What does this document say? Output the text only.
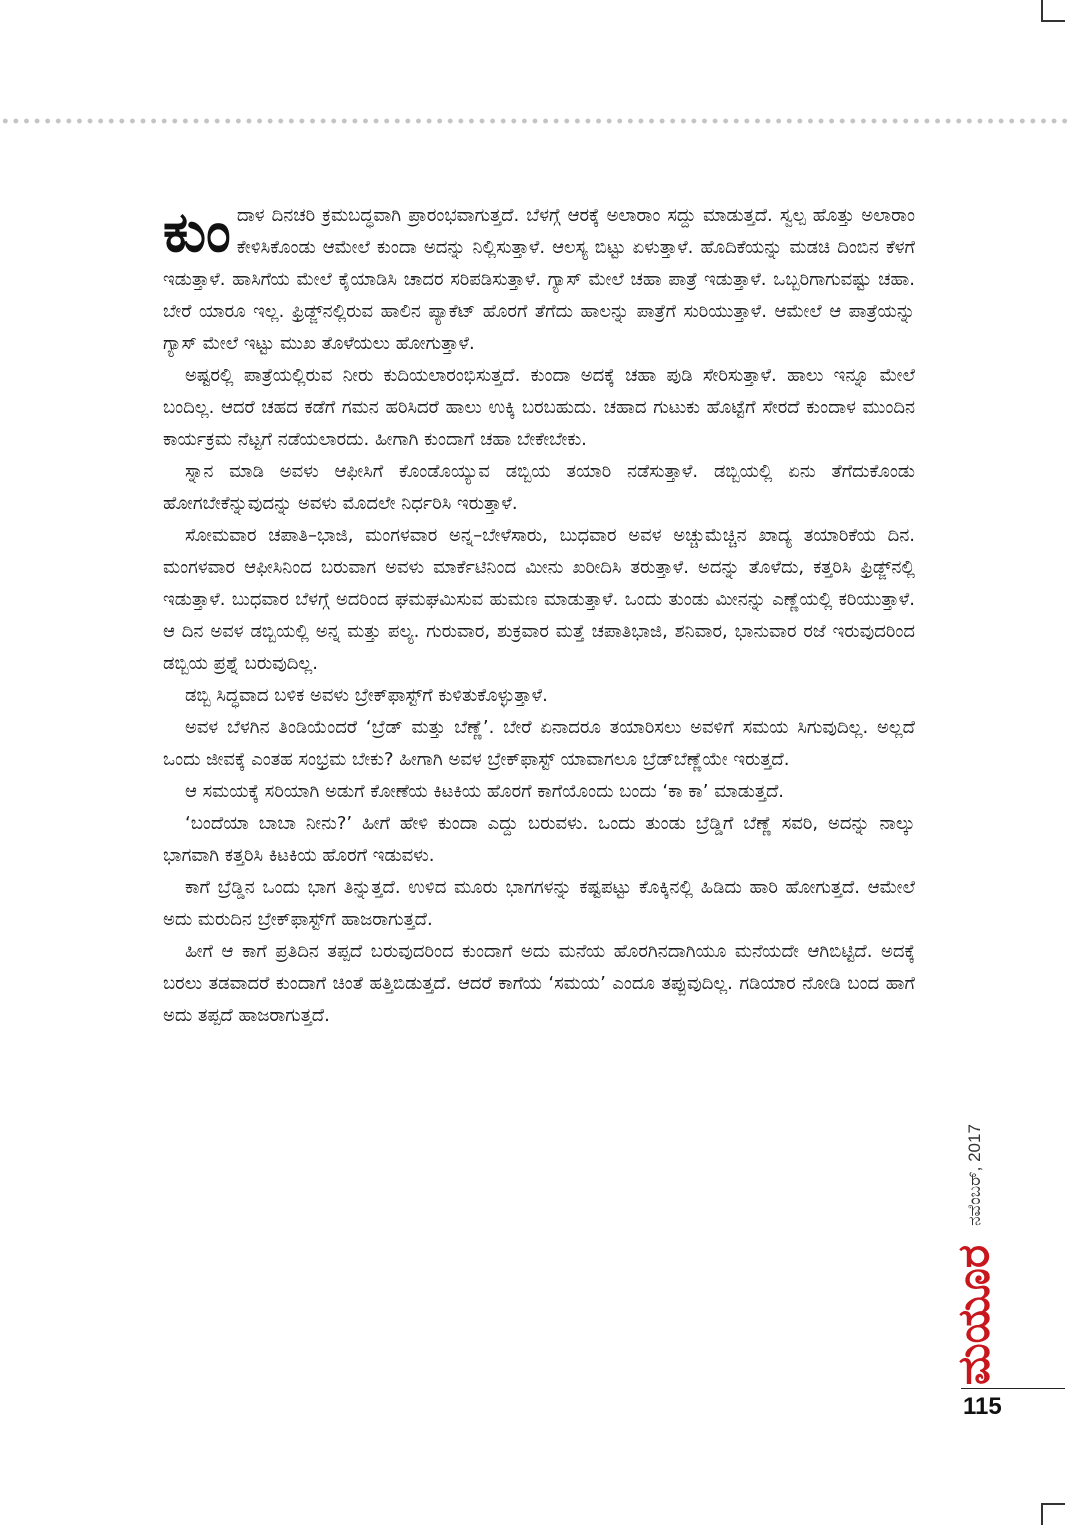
ಕುಂದಾಳ ದಿನಚರಿ ಕ್ರಮಬದ್ಧವಾಗಿ ಪ್ರಾರಂಭವಾಗುತ್ತದೆ. ಬೆಳಗ್ಗೆ ಆರಕ್ಕೆ ಅಲಾರಾಂ ಸದ್ದು ಮಾಡುತ್ತದೆ. ಸ್ವಲ್ಪ ಹೊತ್ತು ಅಲಾರಾಂ ಕೇಳಿಸಿಕೊಂಡು ಆಮೇಲೆ ಕುಂದಾ ಅದನ್ನು ನಿಲ್ಲಿಸುತ್ತಾಳೆ. ಆಲಸ್ಯ ಬಿಟ್ಟು ಏಳುತ್ತಾಳೆ. ಹೊದಿಕೆಯನ್ನು ಮಡಚಿ ದಿಂಬಿನ ಕೆಳಗೆ ಇಡುತ್ತಾಳೆ. ಹಾಸಿಗೆಯ ಮೇಲೆ ಕೈಯಾಡಿಸಿ ಚಾದರ ಸರಿಪಡಿಸುತ್ತಾಳೆ. ಗ್ಯಾಸ್ ಮೇಲೆ ಚಹಾ ಪಾತ್ರೆ ಇಡುತ್ತಾಳೆ. ಒಬ್ಬರಿಗಾಗುವಷ್ಟು ಚಹಾ. ಬೇರೆ ಯಾರೂ ಇಲ್ಲ. ಫ್ರಿಡ್ಜ್‌ನಲ್ಲಿರುವ ಹಾಲಿನ ಪ್ಯಾಕೆಟ್ ಹೊರಗೆ ತೆಗೆದು ಹಾಲನ್ನು ಪಾತ್ರೆಗೆ ಸುರಿಯುತ್ತಾಳೆ. ಆಮೇಲೆ ಆ ಪಾತ್ರೆಯನ್ನು ಗ್ಯಾಸ್ ಮೇಲೆ ಇಟ್ಟು ಮುಖ ತೊಳೆಯಲು ಹೋಗುತ್ತಾಳೆ.

ಅಷ್ಟರಲ್ಲಿ ಪಾತ್ರೆಯಲ್ಲಿರುವ ನೀರು ಕುದಿಯಲಾರಂಭಿಸುತ್ತದೆ. ಕುಂದಾ ಅದಕ್ಕೆ ಚಹಾ ಪುಡಿ ಸೇರಿಸುತ್ತಾಳೆ. ಹಾಲು ಇನ್ನೂ ಮೇಲೆ ಬಂದಿಲ್ಲ. ಆದರೆ ಚಹದ ಕಡೆಗೆ ಗಮನ ಹರಿಸಿದರೆ ಹಾಲು ಉಕ್ಕಿ ಬರಬಹುದು. ಚಹಾದ ಗುಟುಕು ಹೊಟ್ಟೆಗೆ ಸೇರದೆ ಕುಂದಾಳ ಮುಂದಿನ ಕಾರ್ಯಕ್ರಮ ನೆಟ್ಟಗೆ ನಡೆಯಲಾರದು. ಹೀಗಾಗಿ ಕುಂದಾಗೆ ಚಹಾ ಬೇಕೇಬೇಕು.

ಸ್ನಾನ ಮಾಡಿ ಅವಳು ಆಫೀಸಿಗೆ ಕೊಂಡೊಯ್ಯುವ ಡಬ್ಬಿಯ ತಯಾರಿ ನಡೆಸುತ್ತಾಳೆ. ಡಬ್ಬಿಯಲ್ಲಿ ಏನು ತೆಗೆದುಕೊಂಡು ಹೋಗಬೇಕೆನ್ನುವುದನ್ನು ಅವಳು ಮೊದಲೇ ನಿರ್ಧರಿಸಿ ಇರುತ್ತಾಳೆ.

ಸೋಮವಾರ ಚಪಾತಿ–ಭಾಜಿ, ಮಂಗಳವಾರ ಅನ್ನ–ಬೇಳೆಸಾರು, ಬುಧವಾರ ಅವಳ ಅಚ್ಚುಮೆಚ್ಚಿನ ಖಾದ್ಯ ತಯಾರಿಕೆಯ ದಿನ. ಮಂಗಳವಾರ ಆಫೀಸಿನಿಂದ ಬರುವಾಗ ಅವಳು ಮಾರ್ಕೆಟಿನಿಂದ ಮೀನು ಖರೀದಿಸಿ ತರುತ್ತಾಳೆ. ಅದನ್ನು ತೊಳೆದು, ಕತ್ತರಿಸಿ ಫ್ರಿಡ್ಜ್‌ನಲ್ಲಿ ಇಡುತ್ತಾಳೆ. ಬುಧವಾರ ಬೆಳಗ್ಗೆ ಅದರಿಂದ ಘಮಘಮಿಸುವ ಹುಮಣ ಮಾಡುತ್ತಾಳೆ. ಒಂದು ತುಂಡು ಮೀನನ್ನು ಎಣ್ಣೆಯಲ್ಲಿ ಕರಿಯುತ್ತಾಳೆ. ಆ ದಿನ ಅವಳ ಡಬ್ಬಿಯಲ್ಲಿ ಅನ್ನ ಮತ್ತು ಪಲ್ಯ. ಗುರುವಾರ, ಶುಕ್ರವಾರ ಮತ್ತೆ ಚಪಾತಿಭಾಜಿ, ಶನಿವಾರ, ಭಾನುವಾರ ರಜೆ ಇರುವುದರಿಂದ ಡಬ್ಬಿಯ ಪ್ರಶ್ನೆ ಬರುವುದಿಲ್ಲ.

ಡಬ್ಬಿ ಸಿದ್ಧವಾದ ಬಳಿಕ ಅವಳು ಬ್ರೇಕ್‌ಫಾಸ್ಟ್‌ಗೆ ಕುಳಿತುಕೊಳ್ಳುತ್ತಾಳೆ.

ಅವಳ ಬೆಳಗಿನ ತಿಂಡಿಯೆಂದರೆ ‘ಬ್ರೆಡ್ ಮತ್ತು ಬೆಣ್ಣೆ’. ಬೇರೆ ಏನಾದರೂ ತಯಾರಿಸಲು ಅವಳಿಗೆ ಸಮಯ ಸಿಗುವುದಿಲ್ಲ. ಅಲ್ಲದೆ ಒಂದು ಜೀವಕ್ಕೆ ಎಂತಹ ಸಂಭ್ರಮ ಬೇಕು? ಹೀಗಾಗಿ ಅವಳ ಬ್ರೇಕ್‌ಫಾಸ್ಟ್ ಯಾವಾಗಲೂ ಬ್ರೆಡ್‌ಬೆಣ್ಣೆಯೇ ಇರುತ್ತದೆ.

ಆ ಸಮಯಕ್ಕೆ ಸರಿಯಾಗಿ ಅಡುಗೆ ಕೋಣೆಯ ಕಿಟಕಿಯ ಹೊರಗೆ ಕಾಗೆಯೊಂದು ಬಂದು ‘ಕಾ ಕಾ’ ಮಾಡುತ್ತದೆ.

‘ಬಂದೆಯಾ ಬಾಬಾ ನೀನು?’ ಹೀಗೆ ಹೇಳಿ ಕುಂದಾ ಎದ್ದು ಬರುವಳು. ಒಂದು ತುಂಡು ಬ್ರೆಡ್ಡಿಗೆ ಬೆಣ್ಣೆ ಸವರಿ, ಅದನ್ನು ನಾಲ್ಕು ಭಾಗವಾಗಿ ಕತ್ತರಿಸಿ ಕಿಟಕಿಯ ಹೊರಗೆ ಇಡುವಳು.

ಕಾಗೆ ಬ್ರೆಡ್ಡಿನ ಒಂದು ಭಾಗ ತಿನ್ನುತ್ತದೆ. ಉಳಿದ ಮೂರು ಭಾಗಗಳನ್ನು ಕಷ್ಟಪಟ್ಟು ಕೊಕ್ಕಿನಲ್ಲಿ ಹಿಡಿದು ಹಾರಿ ಹೋಗುತ್ತದೆ. ಆಮೇಲೆ ಅದು ಮರುದಿನ ಬ್ರೇಕ್‌ಫಾಸ್ಟ್‌ಗೆ ಹಾಜರಾಗುತ್ತದೆ.

ಹೀಗೆ ಆ ಕಾಗೆ ಪ್ರತಿದಿನ ತಪ್ಪದೆ ಬರುವುದರಿಂದ ಕುಂದಾಗೆ ಅದು ಮನೆಯ ಹೊರಗಿನದಾಗಿಯೂ ಮನೆಯದೇ ಆಗಿಬಿಟ್ಟಿದೆ. ಅದಕ್ಕೆ ಬರಲು ತಡವಾದರೆ ಕುಂದಾಗೆ ಚಿಂತೆ ಹತ್ತಿಬಿಡುತ್ತದೆ. ಆದರೆ ಕಾಗೆಯ ‘ಸಮಯ’ ಎಂದೂ ತಪ್ಪುವುದಿಲ್ಲ. ಗಡಿಯಾರ ನೋಡಿ ಬಂದ ಹಾಗೆ ಅದು ತಪ್ಪದೆ ಹಾಜರಾಗುತ್ತದೆ.

ನವೆಂಬರ್, 2017
ಮಯೂರ
115
